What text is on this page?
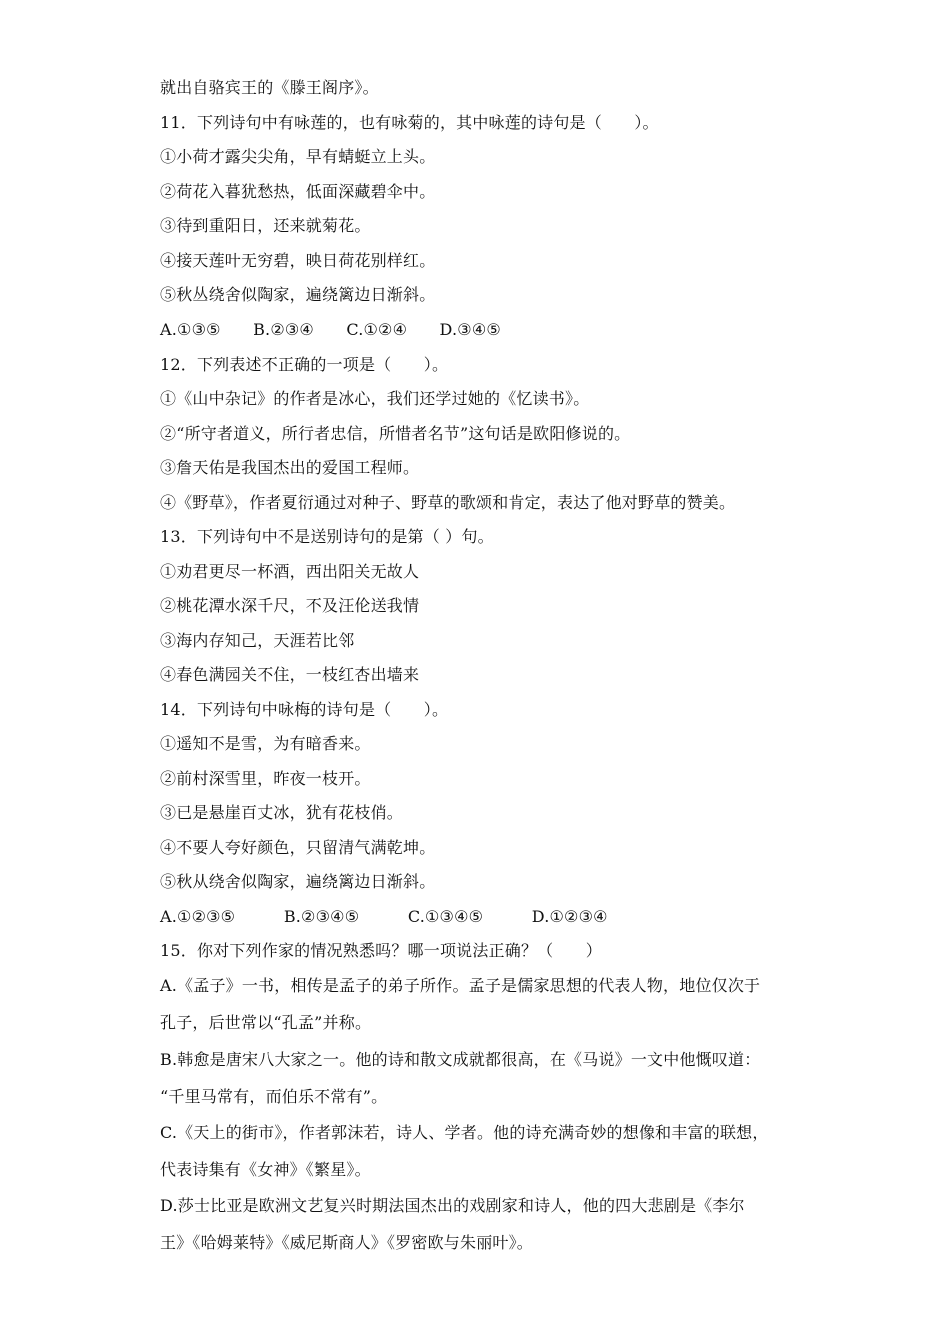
就出自骆宾王的《滕王阁序》。
11．下列诗句中有咏莲的，也有咏菊的，其中咏莲的诗句是（　　）。
①小荷才露尖尖角，早有蜻蜓立上头。
②荷花入暮犹愁热，低面深藏碧伞中。
③待到重阳日，还来就菊花。
④接天莲叶无穷碧，映日荷花别样红。
⑤秋丛绕舍似陶家，遍绕篱边日渐斜。
A.①③⑤　　B.②③④　　C.①②④　　D.③④⑤
12．下列表述不正确的一项是（　　）。
①《山中杂记》的作者是冰心，我们还学过她的《忆读书》。
②“所守者道义，所行者忠信，所惜者名节”这句话是欧阳修说的。
③詹天佑是我国杰出的爱国工程师。
④《野草》，作者夏衍通过对种子、野草的歌颂和肯定，表达了他对野草的赞美。
13．下列诗句中不是送别诗句的是第（ ）句。
①劝君更尽一杯酒，西出阳关无故人
②桃花潭水深千尺，不及汪伦送我情
③海内存知己，天涯若比邻
④春色满园关不住，一枝红杏出墙来
14．下列诗句中咏梅的诗句是（　　）。
①遥知不是雪，为有暗香来。
②前村深雪里，昨夜一枝开。
③已是悬崖百丈冰，犹有花枝俏。
④不要人夸好颜色，只留清气满乾坤。
⑤秋从绕舍似陶家，遍绕篱边日渐斜。
A.①②③⑤　　　B.②③④⑤　　　C.①③④⑤　　　D.①②③④
15．你对下列作家的情况熟悉吗？哪一项说法正确？（　　）
A.《孟子》一书，相传是孟子的弟子所作。孟子是儒家思想的代表人物，地位仅次于
孔子，后世常以“孔孟”并称。
B.韩愈是唐宋八大家之一。他的诗和散文成就都很高，在《马说》一文中他慨叹道：
“千里马常有，而伯乐不常有”。
C.《天上的街市》，作者郭沫若，诗人、学者。他的诗充满奇妙的想像和丰富的联想，
代表诗集有《女神》《繁星》。
D.莎士比亚是欧洲文艺复兴时期法国杰出的戏剧家和诗人，他的四大悲剧是《李尔
王》《哈姆莱特》《威尼斯商人》《罗密欧与朱丽叶》。
